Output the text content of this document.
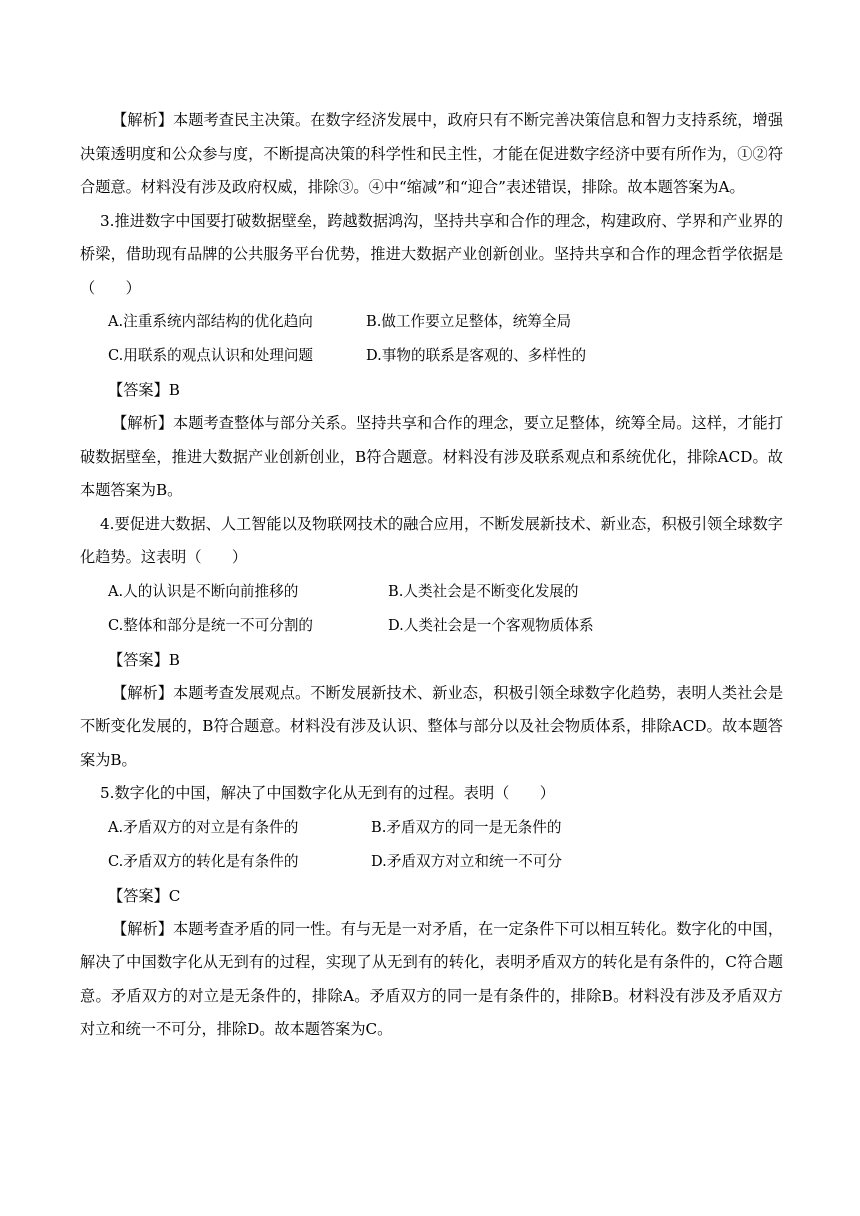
【解析】本题考查民主决策。在数字经济发展中，政府只有不断完善决策信息和智力支持系统，增强决策透明度和公众参与度，不断提高决策的科学性和民主性，才能在促进数字经济中要有所作为，①②符合题意。材料没有涉及政府权威，排除③。④中“缩减”和“迎合”表述错误，排除。故本题答案为A。

3.推进数字中国要打破数据壁垒，跨越数据鸿沟，坚持共享和合作的理念，构建政府、学界和产业界的桥梁，借助现有品牌的公共服务平台优势，推进大数据产业创新创业。坚持共享和合作的理念哲学依据是（　　）

A.注重系统内部结构的优化趋向	B.做工作要立足整体，统筹全局
C.用联系的观点认识和处理问题	D.事物的联系是客观的、多样性的

【答案】B

【解析】本题考查整体与部分关系。坚持共享和合作的理念，要立足整体，统筹全局。这样，才能打破数据壁垒，推进大数据产业创新创业，B符合题意。材料没有涉及联系观点和系统优化，排除ACD。故本题答案为B。

4.要促进大数据、人工智能以及物联网技术的融合应用，不断发展新技术、新业态，积极引领全球数字化趋势。这表明（　　）

A.人的认识是不断向前推移的	B.人类社会是不断变化发展的
C.整体和部分是统一不可分割的	D.人类社会是一个客观物质体系

【答案】B

【解析】本题考查发展观点。不断发展新技术、新业态，积极引领全球数字化趋势，表明人类社会是不断变化发展的，B符合题意。材料没有涉及认识、整体与部分以及社会物质体系，排除ACD。故本题答案为B。

5.数字化的中国，解决了中国数字化从无到有的过程。表明（　　）

A.矛盾双方的对立是有条件的	B.矛盾双方的同一是无条件的
C.矛盾双方的转化是有条件的	D.矛盾双方对立和统一不可分

【答案】C

【解析】本题考查矛盾的同一性。有与无是一对矛盾，在一定条件下可以相互转化。数字化的中国，解决了中国数字化从无到有的过程，实现了从无到有的转化，表明矛盾双方的转化是有条件的，C符合题意。矛盾双方的对立是无条件的，排除A。矛盾双方的同一是有条件的，排除B。材料没有涉及矛盾双方对立和统一不可分，排除D。故本题答案为C。
